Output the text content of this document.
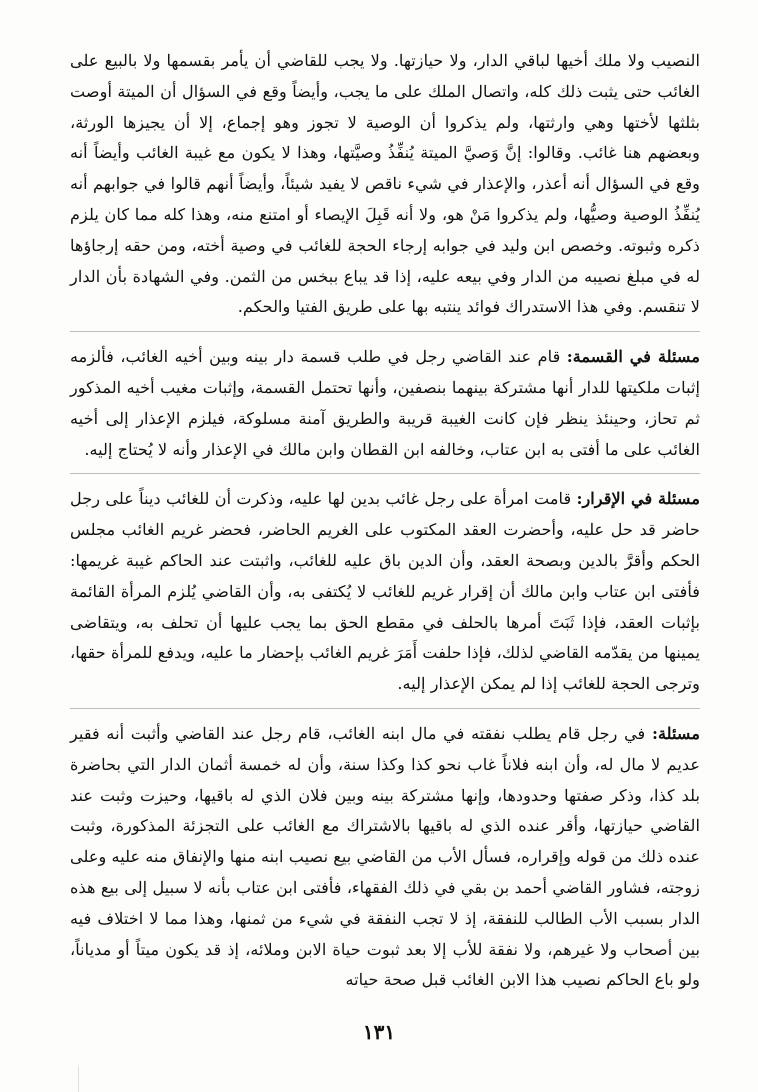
النصيب ولا ملك أخيها لباقي الدار، ولا حيازتها. ولا يجب للقاضي أن يأمر بقسمها ولا بالبيع على الغائب حتى يثبت ذلك كله، واتصال الملك على ما يجب، وأيضاً وقع في السؤال أن الميتة أوصت بثلثها لأختها وهي وارثتها، ولم يذكروا أن الوصية لا تجوز وهو إجماع، إلا أن يجيزها الورثة، وبعضهم هنا غائب. وقالوا: إنَّ وَصيَّ الميتة يُنفِّذُ وصيَّتها، وهذا لا يكون مع غيبة الغائب وأيضاً أنه وقع في السؤال أنه أعذر، والإعذار في شيء ناقص لا يفيد شيئاً، وأيضاً أنهم قالوا في جوابهم أنه يُنفِّذُ الوصية وصيُّها، ولم يذكروا مَنْ هو، ولا أنه قَبِلَ الإيصاء أو امتنع منه، وهذا كله مما كان يلزم ذكره وثبوته. وخصص ابن وليد في جوابه إرجاء الحجة للغائب في وصية أخته، ومن حقه إرجاؤها له في مبلغ نصيبه من الدار وفي بيعه عليه، إذا قد يباع ببخس من الثمن. وفي الشهادة بأن الدار لا تنقسم. وفي هذا الاستدراك فوائد ينتبه بها على طريق الفتيا والحكم.

مسئلة في القسمة: قام عند القاضي رجل في طلب قسمة دار بينه وبين أخيه الغائب، فألزمه إثبات ملكيتها للدار أنها مشتركة بينهما بنصفين، وأنها تحتمل القسمة، وإثبات مغيب أخيه المذكور ثم تحاز، وحينئذ ينظر فإن كانت الغيبة قريبة والطريق آمنة مسلوكة، فيلزم الإعذار إلى أخيه الغائب على ما أفتى به ابن عتاب، وخالفه ابن القطان وابن مالك في الإعذار وأنه لا يُحتاج إليه.

مسئلة في الإقرار: قامت امرأة على رجل غائب بدين لها عليه، وذكرت أن للغائب ديناً على رجل حاضر قد حل عليه، وأحضرت العقد المكتوب على الغريم الحاضر، فحضر غريم الغائب مجلس الحكم وأقرَّ بالدين وبصحة العقد، وأن الدين باق عليه للغائب، واثبتت عند الحاكم غيبة غريمها: فأفتى ابن عتاب وابن مالك أن إقرار غريم للغائب لا يُكتفى به، وأن القاضي يُلزم المرأة القائمة بإثبات العقد، فإذا ثَبَتَ أمرها بالحلف في مقطع الحق بما يجب عليها أن تحلف به، ويتقاضى يمينها من يقدّمه القاضي لذلك، فإذا حلفت أَمَرَ غريم الغائب بإحضار ما عليه، ويدفع للمرأة حقها، وترجى الحجة للغائب إذا لم يمكن الإعذار إليه.

مسئلة: في رجل قام يطلب نفقته في مال ابنه الغائب، قام رجل عند القاضي وأثبت أنه فقير عديم لا مال له، وأن ابنه فلاناً غاب نحو كذا وكذا سنة، وأن له خمسة أثمان الدار التي بحاضرة بلد كذا، وذكر صفتها وحدودها، وإنها مشتركة بينه وبين فلان الذي له باقيها، وحيزت وثبت عند القاضي حيازتها، وأقر عنده الذي له باقيها بالاشتراك مع الغائب على التجزئة المذكورة، وثبت عنده ذلك من قوله وإقراره، فسأل الأب من القاضي بيع نصيب ابنه منها والإنفاق منه عليه وعلى زوجته، فشاور القاضي أحمد بن بقي في ذلك الفقهاء، فأفتى ابن عتاب بأنه لا سبيل إلى بيع هذه الدار بسبب الأب الطالب للنفقة، إذ لا تجب النفقة في شيء من ثمنها، وهذا مما لا اختلاف فيه بين أصحاب ولا غيرهم، ولا نفقة للأب إلا بعد ثبوت حياة الابن وملائه، إذ قد يكون ميتاً أو مدياناً، ولو باع الحاكم نصيب هذا الابن الغائب قبل صحة حياته

١٣١
